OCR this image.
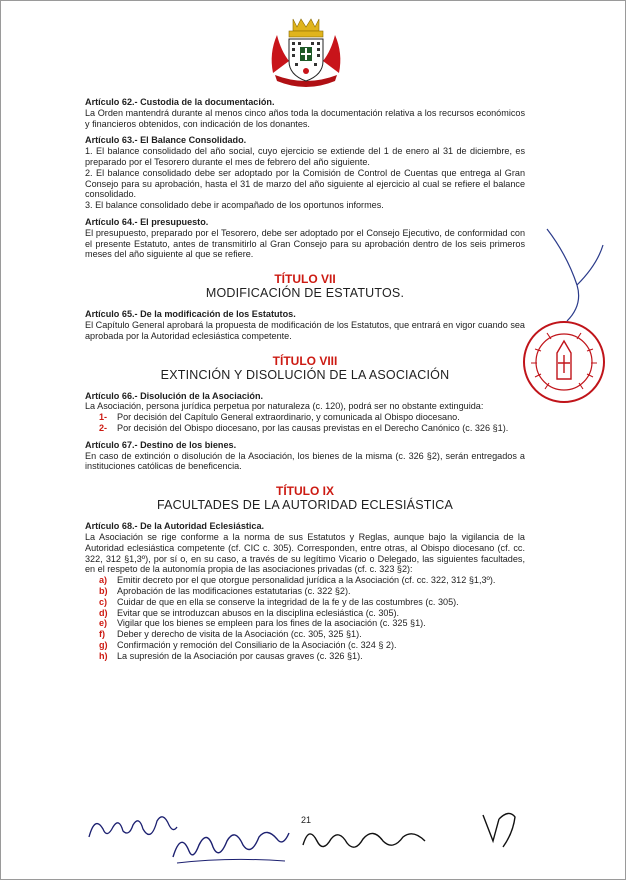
Artículo 62.- Custodia de la documentación.

La Orden mantendrá durante al menos cinco años toda la documentación relativa a los recursos económicos y financieros obtenidos, con indicación de los donantes.

Artículo 63.- El Balance Consolidado.

1. El balance consolidado del año social, cuyo ejercicio se extiende del 1 de enero al 31 de diciembre, es preparado por el Tesorero durante el mes de febrero del año siguiente.

2. El balance consolidado debe ser adoptado por la Comisión de Control de Cuentas que entrega al Gran Consejo para su aprobación, hasta el 31 de marzo del año siguiente al ejercicio al cual se refiere el balance consolidado.

3. El balance consolidado debe ir acompañado de los oportunos informes.

Artículo 64.- El presupuesto.

El presupuesto, preparado por el Tesorero, debe ser adoptado por el Consejo Ejecutivo, de conformidad con el presente Estatuto, antes de transmitirlo al Gran Consejo para su aprobación dentro de los seis primeros meses del año siguiente al que se refiere.

TÍTULO VII
MODIFICACIÓN DE ESTATUTOS.
Artículo 65.- De la modificación de los Estatutos.

El Capítulo General aprobará la propuesta de modificación de los Estatutos, que entrará en vigor cuando sea aprobada por la Autoridad eclesiástica competente.

TÍTULO VIII
EXTINCIÓN Y DISOLUCIÓN DE LA ASOCIACIÓN
Artículo 66.- Disolución de la Asociación.

La Asociación, persona jurídica perpetua por naturaleza (c. 120), podrá ser no obstante extinguida:

1-	Por decisión del Capítulo General extraordinario, y comunicada al Obispo diocesano.
2-	Por decisión del Obispo diocesano, por las causas previstas en el Derecho Canónico (c. 326 §1).
Artículo 67.- Destino de los bienes.

En caso de extinción o disolución de la Asociación, los bienes de la misma (c. 326 §2), serán entregados a instituciones católicas de beneficencia.

TÍTULO IX
FACULTADES DE LA AUTORIDAD ECLESIÁSTICA
Artículo 68.- De la Autoridad Eclesiástica.

La Asociación se rige conforme a la norma de sus Estatutos y Reglas, aunque bajo la vigilancia de la Autoridad eclesiástica competente (cf. CIC c. 305). Corresponden, entre otras, al Obispo diocesano (cf. cc. 322, 312 §1,3º), por sí o, en su caso, a través de su legítimo Vicario o Delegado, las siguientes facultades, en el respeto de la autonomía propia de las asociaciones privadas (cf. c. 323 §2):

a)	Emitir decreto por el que otorgue personalidad jurídica a la Asociación (cf. cc. 322, 312 §1,3º).
b)	Aprobación de las modificaciones estatutarias (c. 322 §2).
c)	Cuidar de que en ella se conserve la integridad de la fe y de las costumbres (c. 305).
d)	Evitar que se introduzcan abusos en la disciplina eclesiástica (c. 305).
e)	Vigilar que los bienes se empleen para los fines de la asociación (c. 325 §1).
f)	Deber y derecho de visita de la Asociación (cc. 305, 325 §1).
g)	Confirmación y remoción del Consiliario de la Asociación (c. 324 § 2).
h)	La supresión de la Asociación por causas graves (c. 326 §1).
21
